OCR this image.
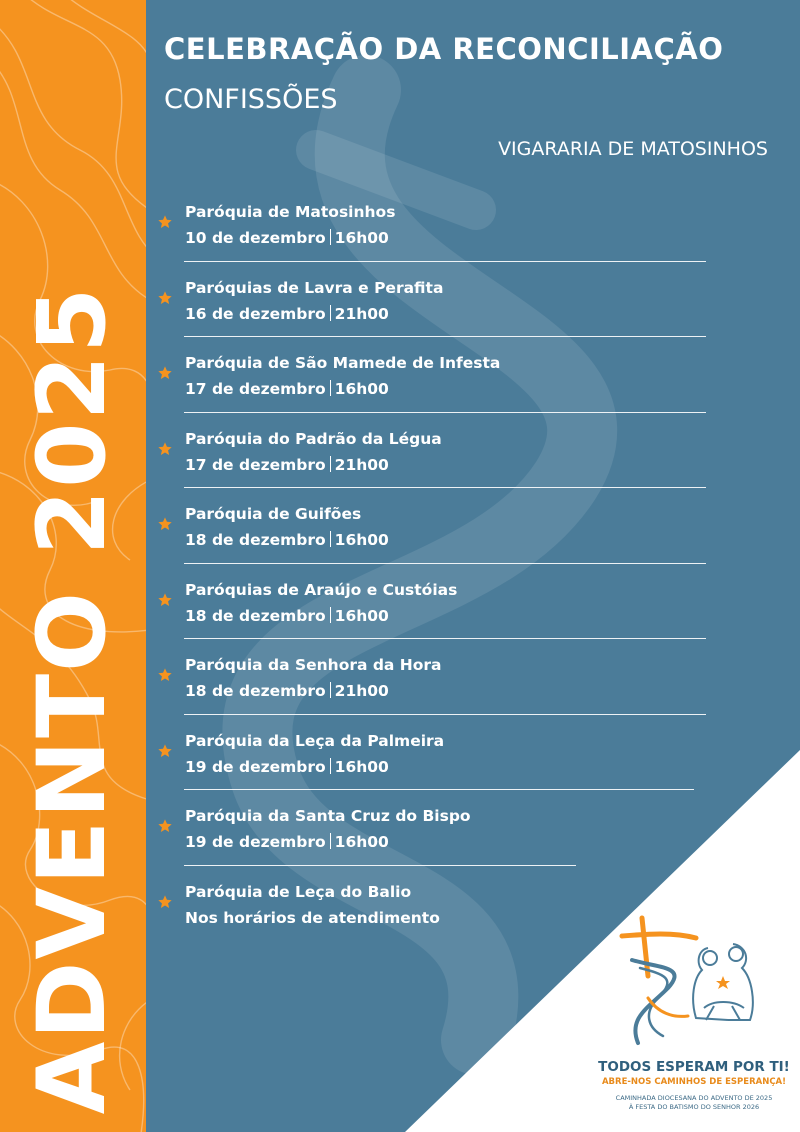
ADVENTO 2025
CELEBRAÇÃO DA RECONCILIAÇÃO
CONFISSÕES
VIGARARIA DE MATOSINHOS
Paróquia de Matosinhos
10 de dezembro 16h00
Paróquias de Lavra e Perafita
16 de dezembro 21h00
Paróquia de São Mamede de Infesta
17 de dezembro 16h00
Paróquia do Padrão da Légua
17 de dezembro 21h00
Paróquia de Guifões
18 de dezembro 16h00
Paróquias de Araújo e Custóias
18 de dezembro 16h00
Paróquia da Senhora da Hora
18 de dezembro 21h00
Paróquia da Leça da Palmeira
19 de dezembro 16h00
Paróquia da Santa Cruz do Bispo
19 de dezembro 16h00
Paróquia de Leça do Balio
Nos horários de atendimento
TODOS ESPERAM POR TI!
ABRE-NOS CAMINHOS DE ESPERANÇA!
CAMINHADA DIOCESANA DO ADVENTO DE 2025
À FESTA DO BATISMO DO SENHOR 2026
